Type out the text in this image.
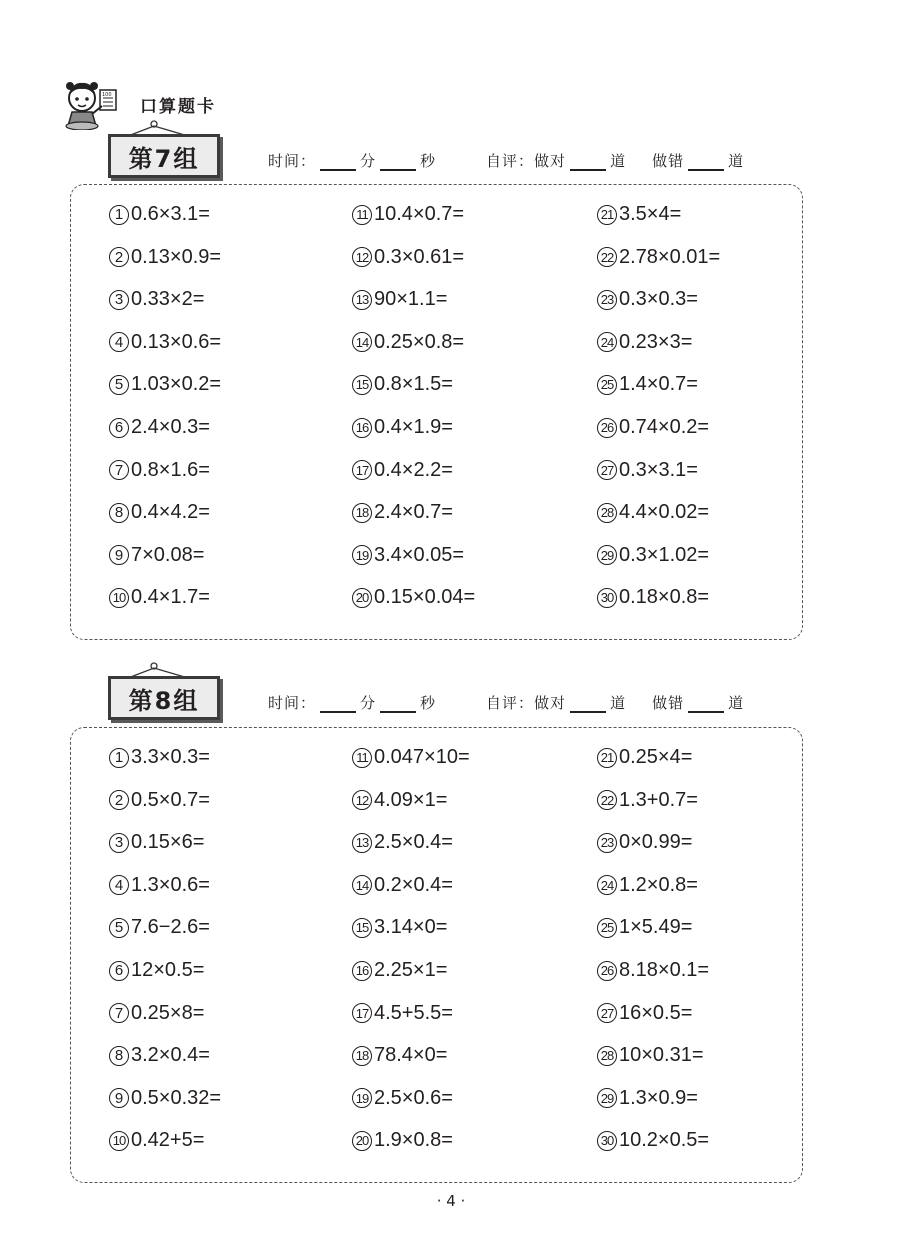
100
口算题卡
第7组	时间：	分	秒	自评：做对	道 做错	道
1 0.6×3.1=
2 0.13×0.9=
3 0.33×2=
4 0.13×0.6=
5 1.03×0.2=
6 2.4×0.3=
7 0.8×1.6=
8 0.4×4.2=
9 7×0.08=
10 0.4×1.7=
11 10.4×0.7=
12 0.3×0.61=
13 90×1.1=
14 0.25×0.8=
15 0.8×1.5=
16 0.4×1.9=
17 0.4×2.2=
18 2.4×0.7=
19 3.4×0.05=
20 0.15×0.04=
21 3.5×4=
22 2.78×0.01=
23 0.3×0.3=
24 0.23×3=
25 1.4×0.7=
26 0.74×0.2=
27 0.3×3.1=
28 4.4×0.02=
29 0.3×1.02=
30 0.18×0.8=
第8组	时间：	分	秒	自评：做对	道 做错	道
1 3.3×0.3=
2 0.5×0.7=
3 0.15×6=
4 1.3×0.6=
5 7.6−2.6=
6 12×0.5=
7 0.25×8=
8 3.2×0.4=
9 0.5×0.32=
10 0.42+5=
11 0.047×10=
12 4.09×1=
13 2.5×0.4=
14 0.2×0.4=
15 3.14×0=
16 2.25×1=
17 4.5+5.5=
18 78.4×0=
19 2.5×0.6=
20 1.9×0.8=
21 0.25×4=
22 1.3+0.7=
23 0×0.99=
24 1.2×0.8=
25 1×5.49=
26 8.18×0.1=
27 16×0.5=
28 10×0.31=
29 1.3×0.9=
30 10.2×0.5=
· 4 ·
